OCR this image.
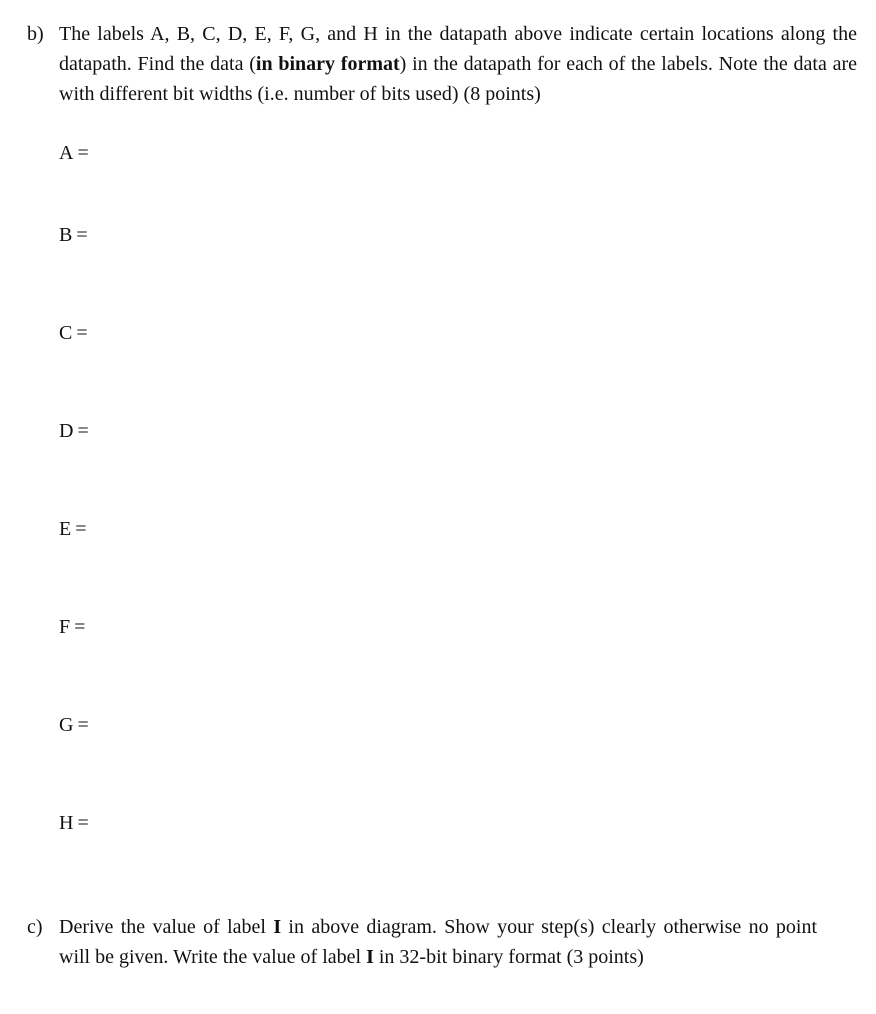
b) The labels A, B, C, D, E, F, G, and H in the datapath above indicate certain locations along the datapath. Find the data (in binary format) in the datapath for each of the labels. Note the data are with different bit widths (i.e. number of bits used) (8 points)
A =
B =
C =
D =
E =
F =
G =
H =
c) Derive the value of label I in above diagram. Show your step(s) clearly otherwise no point will be given. Write the value of label I in 32-bit binary format (3 points)
